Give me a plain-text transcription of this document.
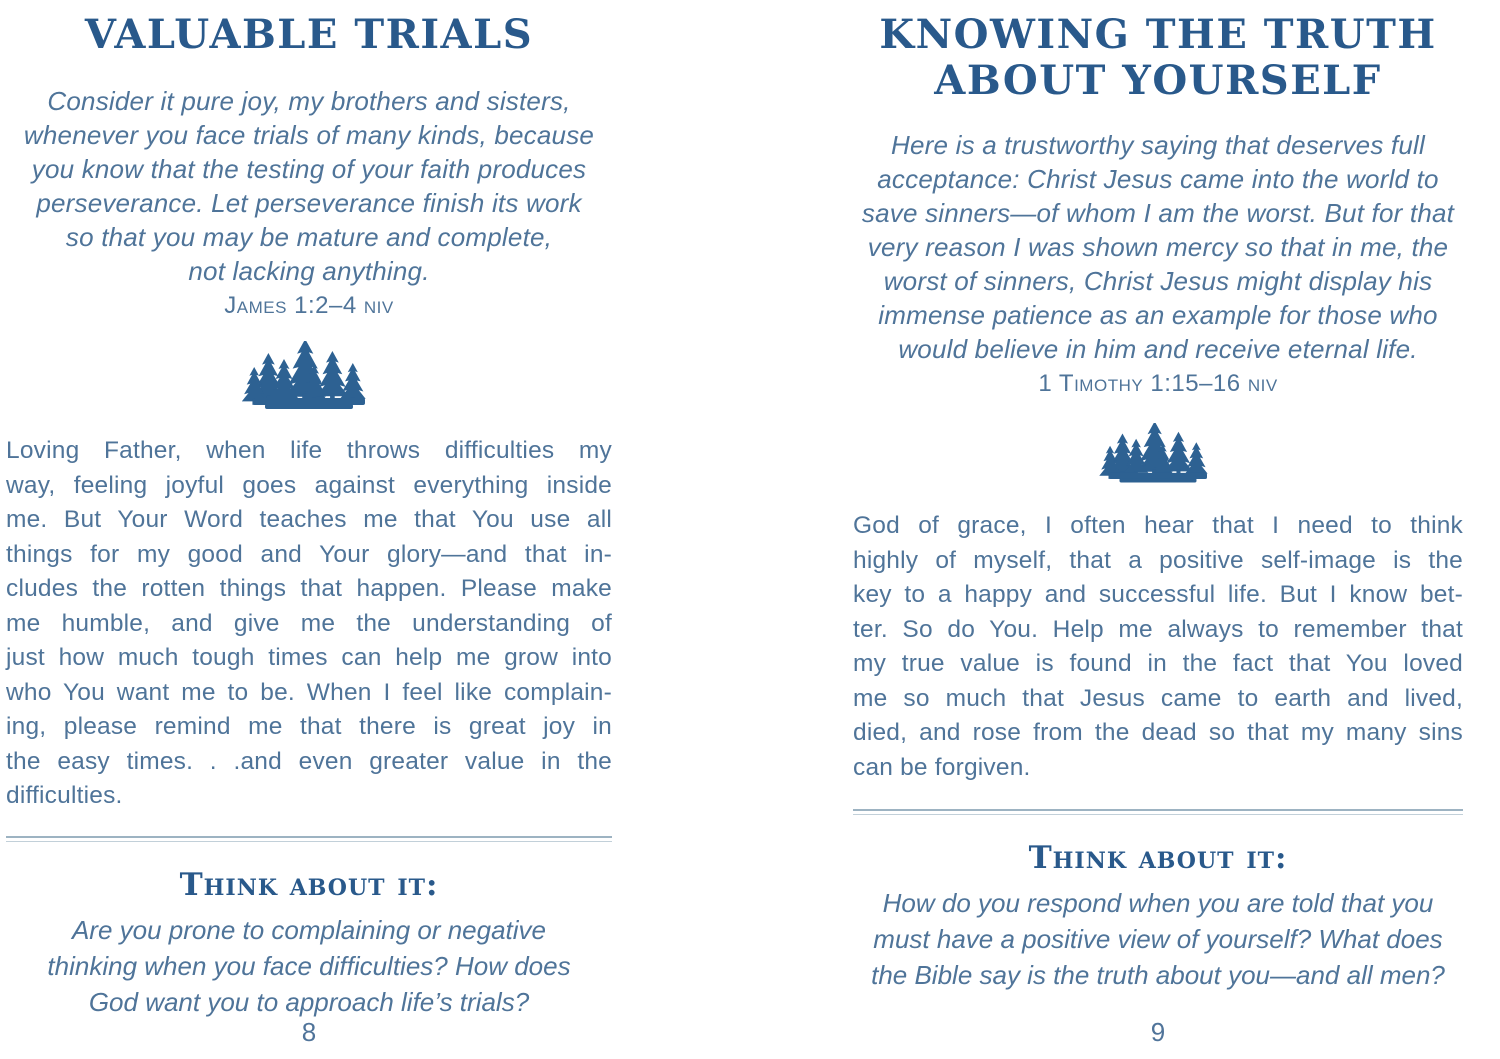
VALUABLE TRIALS
Consider it pure joy, my brothers and sisters,
whenever you face trials of many kinds, because
you know that the testing of your faith produces
perseverance. Let perseverance finish its work
so that you may be mature and complete,
not lacking anything.
James 1:2–4 niv
Loving Father, when life throws difficulties my
way, feeling joyful goes against everything inside
me. But Your Word teaches me that You use all
things for my good and Your glory—and that in-
cludes the rotten things that happen. Please make
me humble, and give me the understanding of
just how much tough times can help me grow into
who You want me to be. When I feel like complain-
ing, please remind me that there is great joy in
the easy times. . .and even greater value in the
difficulties.
Think about it:
Are you prone to complaining or negative
thinking when you face difficulties? How does
God want you to approach life’s trials?
8
KNOWING THE TRUTH
ABOUT YOURSELF
Here is a trustworthy saying that deserves full
acceptance: Christ Jesus came into the world to
save sinners—of whom I am the worst. But for that
very reason I was shown mercy so that in me, the
worst of sinners, Christ Jesus might display his
immense patience as an example for those who
would believe in him and receive eternal life.
1 Timothy 1:15–16 niv
God of grace, I often hear that I need to think
highly of myself, that a positive self-image is the
key to a happy and successful life. But I know bet-
ter. So do You. Help me always to remember that
my true value is found in the fact that You loved
me so much that Jesus came to earth and lived,
died, and rose from the dead so that my many sins
can be forgiven.
Think about it:
How do you respond when you are told that you
must have a positive view of yourself? What does
the Bible say is the truth about you—and all men?
9
